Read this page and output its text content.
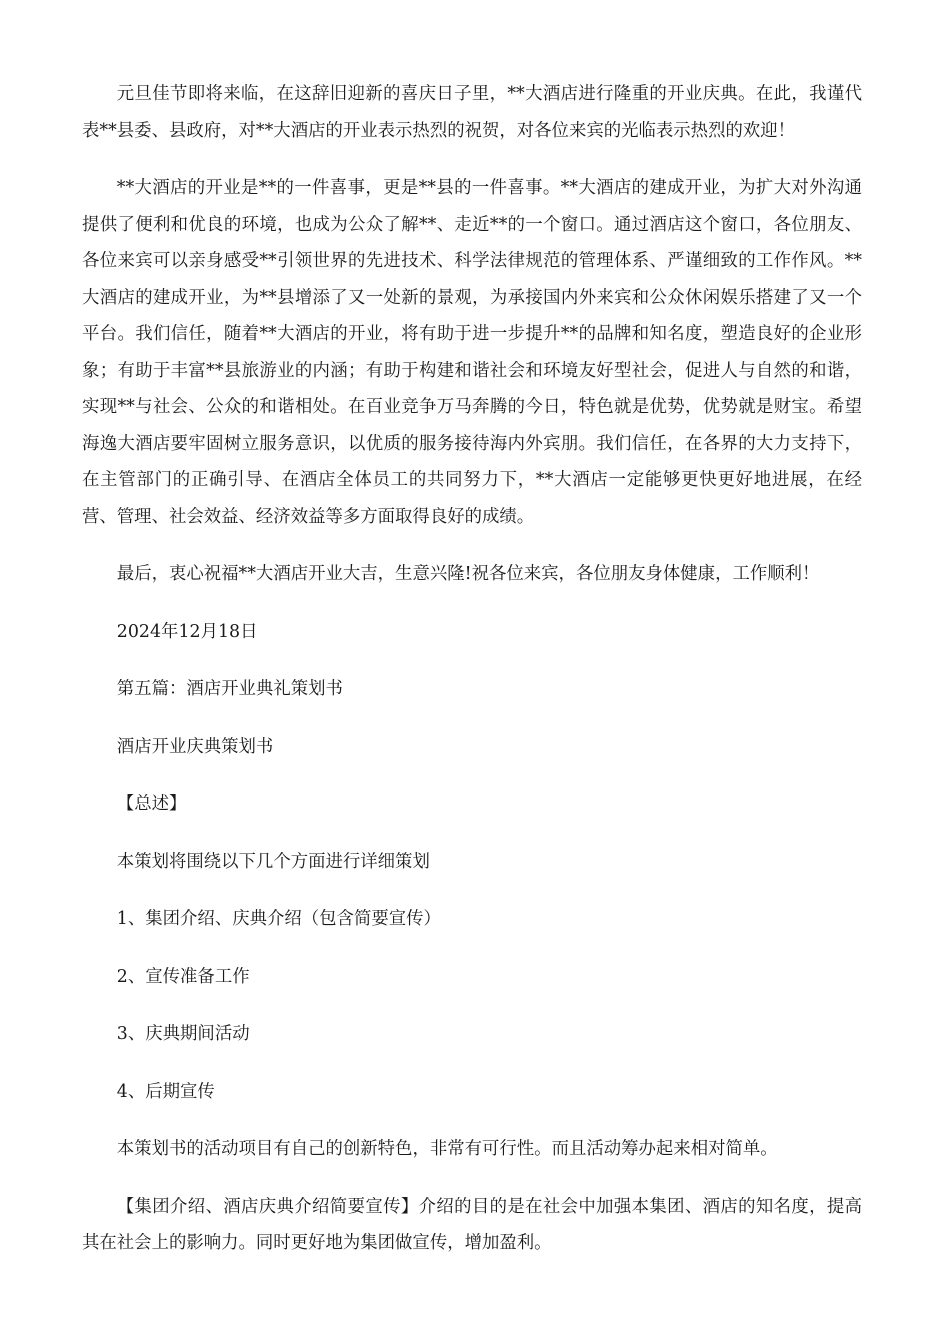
元旦佳节即将来临，在这辞旧迎新的喜庆日子里，**大酒店进行隆重的开业庆典。在此，我谨代表**县委、县政府，对**大酒店的开业表示热烈的祝贺，对各位来宾的光临表示热烈的欢迎！

**大酒店的开业是**的一件喜事，更是**县的一件喜事。**大酒店的建成开业，为扩大对外沟通提供了便利和优良的环境，也成为公众了解**、走近**的一个窗口。通过酒店这个窗口，各位朋友、各位来宾可以亲身感受**引领世界的先进技术、科学法律规范的管理体系、严谨细致的工作作风。**大酒店的建成开业，为**县增添了又一处新的景观，为承接国内外来宾和公众休闲娱乐搭建了又一个平台。我们信任，随着**大酒店的开业，将有助于进一步提升**的品牌和知名度，塑造良好的企业形象；有助于丰富**县旅游业的内涵；有助于构建和谐社会和环境友好型社会，促进人与自然的和谐，实现**与社会、公众的和谐相处。在百业竞争万马奔腾的今日，特色就是优势，优势就是财宝。希望海逸大酒店要牢固树立服务意识，以优质的服务接待海内外宾朋。我们信任，在各界的大力支持下，在主管部门的正确引导、在酒店全体员工的共同努力下，**大酒店一定能够更快更好地进展，在经营、管理、社会效益、经济效益等多方面取得良好的成绩。

最后，衷心祝福**大酒店开业大吉，生意兴隆!祝各位来宾，各位朋友身体健康，工作顺利！

2024年12月18日

第五篇：酒店开业典礼策划书

酒店开业庆典策划书

【总述】

本策划将围绕以下几个方面进行详细策划

1、集团介绍、庆典介绍（包含简要宣传）

2、宣传准备工作

3、庆典期间活动

4、后期宣传

本策划书的活动项目有自己的创新特色，非常有可行性。而且活动筹办起来相对简单。

【集团介绍、酒店庆典介绍简要宣传】介绍的目的是在社会中加强本集团、酒店的知名度，提高其在社会上的影响力。同时更好地为集团做宣传，增加盈利。
